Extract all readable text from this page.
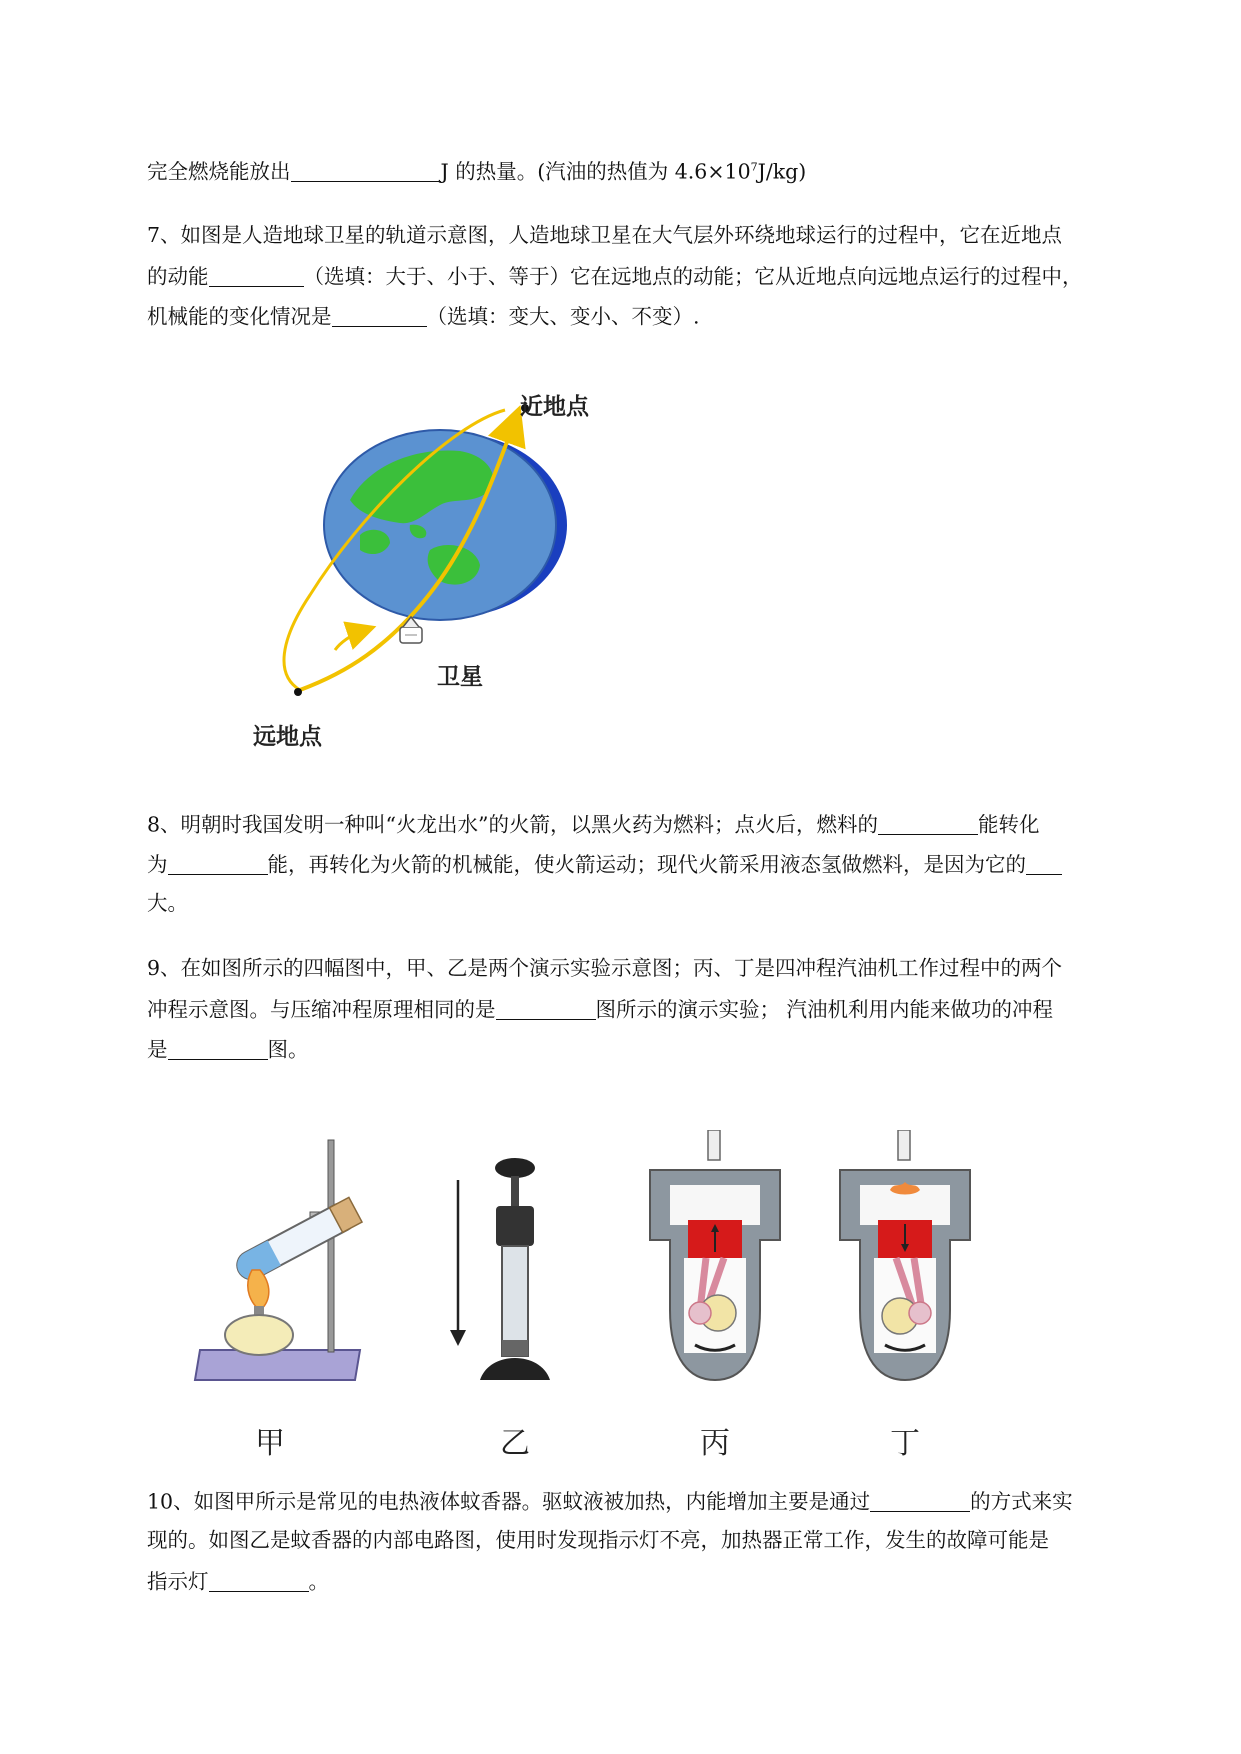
完全燃烧能放出	J 的热量。(汽油的热值为 $4.6\times 10^7J/kg$)
7、如图是人造地球卫星的轨道示意图，人造地球卫星在大气层外环绕地球运行的过程中，它在近地点
的动能	（选填：大于、小于、等于）它在远地点的动能；它从近地点向远地点运行的过程中，
机械能的变化情况是	（选填：变大、变小、不变）.
近地点
卫星
远地点
8、明朝时我国发明一种叫“火龙出水”的火箭，以黑火药为燃料；点火后，燃料的	能转化
为	能，再转化为火箭的机械能，使火箭运动；现代火箭采用液态氢做燃料，是因为它的
大。
9、在如图所示的四幅图中，甲、乙是两个演示实验示意图；丙、丁是四冲程汽油机工作过程中的两个
冲程示意图。与压缩冲程原理相同的是	图所示的演示实验； 汽油机利用内能来做功的冲程
是	图。
甲	乙	丙	丁
10、如图甲所示是常见的电热液体蚊香器。驱蚊液被加热，内能增加主要是通过	的方式来实
现的。如图乙是蚊香器的内部电路图，使用时发现指示灯不亮，加热器正常工作，发生的故障可能是
指示灯	。
